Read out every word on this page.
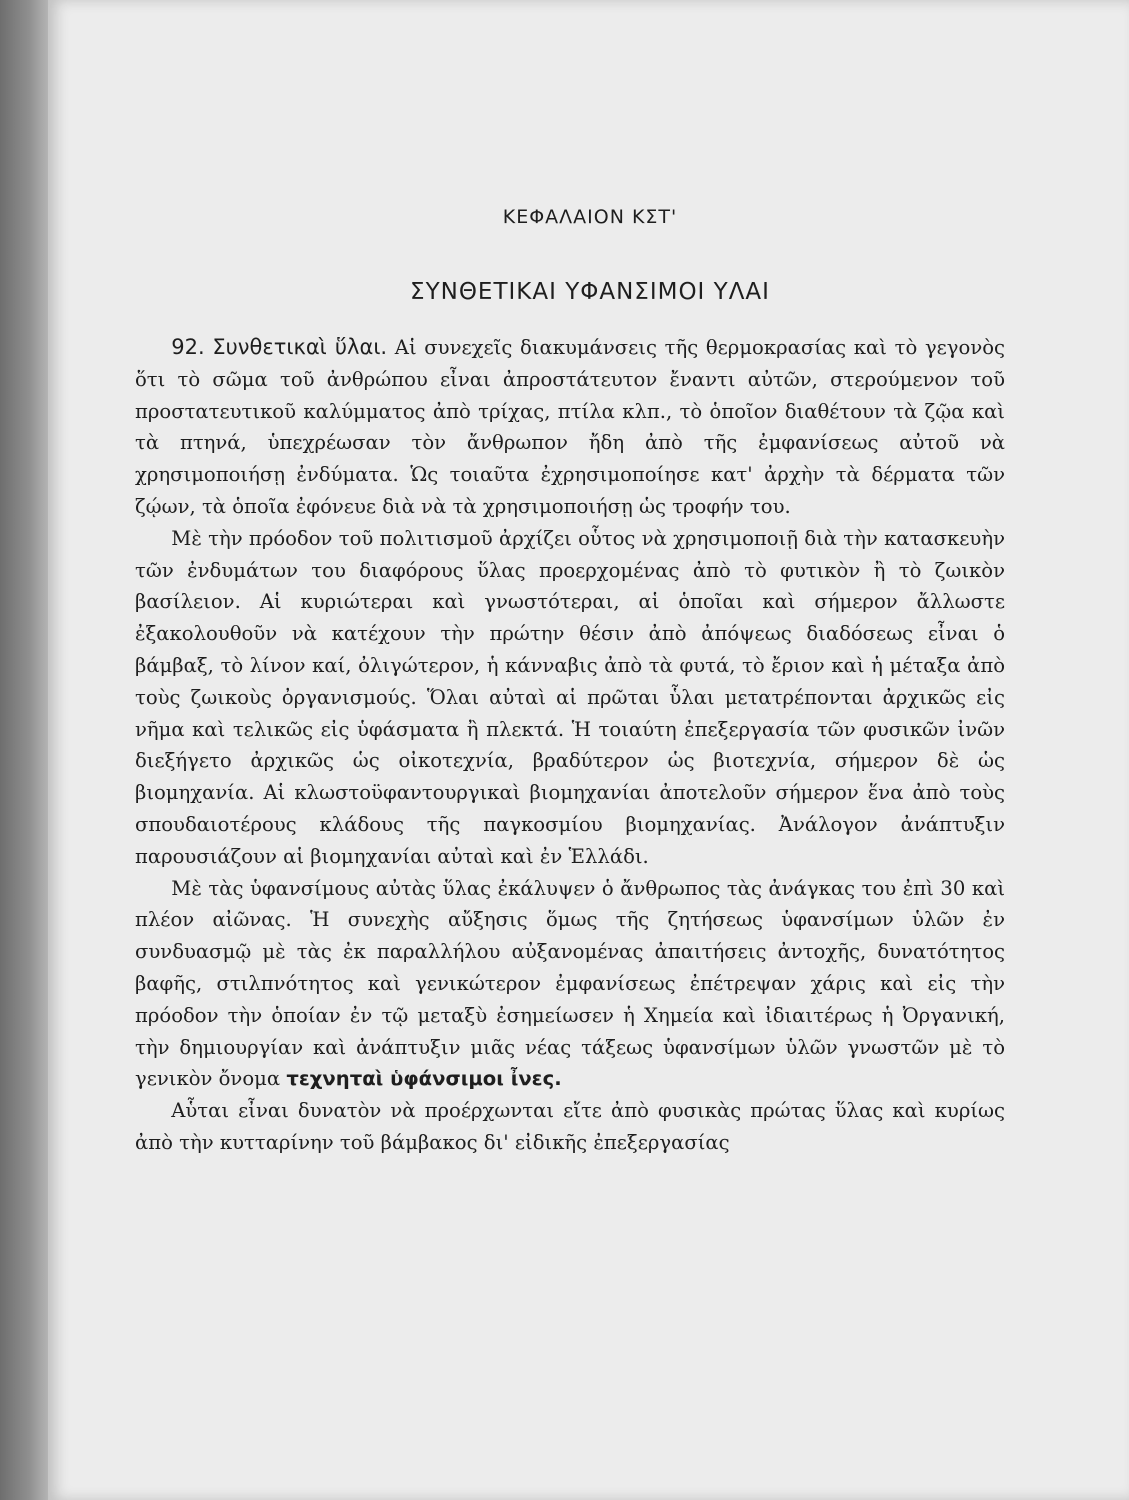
ΚΕΦΑΛΑΙΟΝ ΚΣΤ'
ΣΥΝΘΕΤΙΚΑΙ ΥΦΑΝΣΙΜΟΙ ΥΛΑΙ

92. Συνθετικαὶ ὕλαι. Αἱ συνεχεῖς διακυμάνσεις τῆς θερμοκρασίας καὶ τὸ γεγονὸς ὅτι τὸ σῶμα τοῦ ἀνθρώπου εἶναι ἀπροστάτευτον ἔναντι αὐτῶν, στερούμενον τοῦ προστατευτικοῦ καλύμματος ἀπὸ τρίχας, πτίλα κλπ., τὸ ὁποῖον διαθέτουν τὰ ζῷα καὶ τὰ πτηνά, ὑπεχρέωσαν τὸν ἄνθρωπον ἤδη ἀπὸ τῆς ἐμφανίσεως αὐτοῦ νὰ χρησιμοποιήσῃ ἐνδύματα. Ὡς τοιαῦτα ἐχρησιμοποίησε κατ' ἀρχὴν τὰ δέρματα τῶν ζῴων, τὰ ὁποῖα ἐφόνευε διὰ νὰ τὰ χρησιμοποιήσῃ ὡς τροφήν του.

Μὲ τὴν πρόοδον τοῦ πολιτισμοῦ ἀρχίζει οὗτος νὰ χρησιμοποιῇ διὰ τὴν κατασκευὴν τῶν ἐνδυμάτων του διαφόρους ὕλας προερχομένας ἀπὸ τὸ φυτικὸν ἢ τὸ ζωικὸν βασίλειον. Αἱ κυριώτεραι καὶ γνωστότεραι, αἱ ὁποῖαι καὶ σήμερον ἄλλωστε ἐξακολουθοῦν νὰ κατέχουν τὴν πρώτην θέσιν ἀπὸ ἀπόψεως διαδόσεως εἶναι ὁ βάμβαξ, τὸ λίνον καί, ὀλιγώτερον, ἡ κάνναβις ἀπὸ τὰ φυτά, τὸ ἔριον καὶ ἡ μέταξα ἀπὸ τοὺς ζωικοὺς ὀργανισμούς. Ὅλαι αὐταὶ αἱ πρῶται ὗλαι μετατρέπονται ἀρχικῶς εἰς νῆμα καὶ τελικῶς εἰς ὑφάσματα ἢ πλεκτά. Ἡ τοιαύτη ἐπεξεργασία τῶν φυσικῶν ἰνῶν διεξήγετο ἀρχικῶς ὡς οἰκοτεχνία, βραδύτερον ὡς βιοτεχνία, σήμερον δὲ ὡς βιομηχανία. Αἱ κλωστοϋφαντουργικαὶ βιομηχανίαι ἀποτελοῦν σήμερον ἕνα ἀπὸ τοὺς σπουδαιοτέρους κλάδους τῆς παγκοσμίου βιομηχανίας. Ἀνάλογον ἀνάπτυξιν παρουσιάζουν αἱ βιομηχανίαι αὐταὶ καὶ ἐν Ἑλλάδι.

Μὲ τὰς ὑφανσίμους αὐτὰς ὕλας ἐκάλυψεν ὁ ἄνθρωπος τὰς ἀνάγκας του ἐπὶ 30 καὶ πλέον αἰῶνας. Ἡ συνεχὴς αὔξησις ὅμως τῆς ζητήσεως ὑφανσίμων ὑλῶν ἐν συνδυασμῷ μὲ τὰς ἐκ παραλλήλου αὐξανομένας ἀπαιτήσεις ἀντοχῆς, δυνατότητος βαφῆς, στιλπνότητος καὶ γενικώτερον ἐμφανίσεως ἐπέτρεψαν χάρις καὶ εἰς τὴν πρόοδον τὴν ὁποίαν ἐν τῷ μεταξὺ ἐσημείωσεν ἡ Χημεία καὶ ἰδιαιτέρως ἡ Ὀργανική, τὴν δημιουργίαν καὶ ἀνάπτυξιν μιᾶς νέας τάξεως ὑφανσίμων ὑλῶν γνωστῶν μὲ τὸ γενικὸν ὄνομα τεχνηταὶ ὑφάνσιμοι ἶνες.

Αὗται εἶναι δυνατὸν νὰ προέρχωνται εἴτε ἀπὸ φυσικὰς πρώτας ὕλας καὶ κυρίως ἀπὸ τὴν κυτταρίνην τοῦ βάμβακος δι' εἰδικῆς ἐπεξεργασίας
